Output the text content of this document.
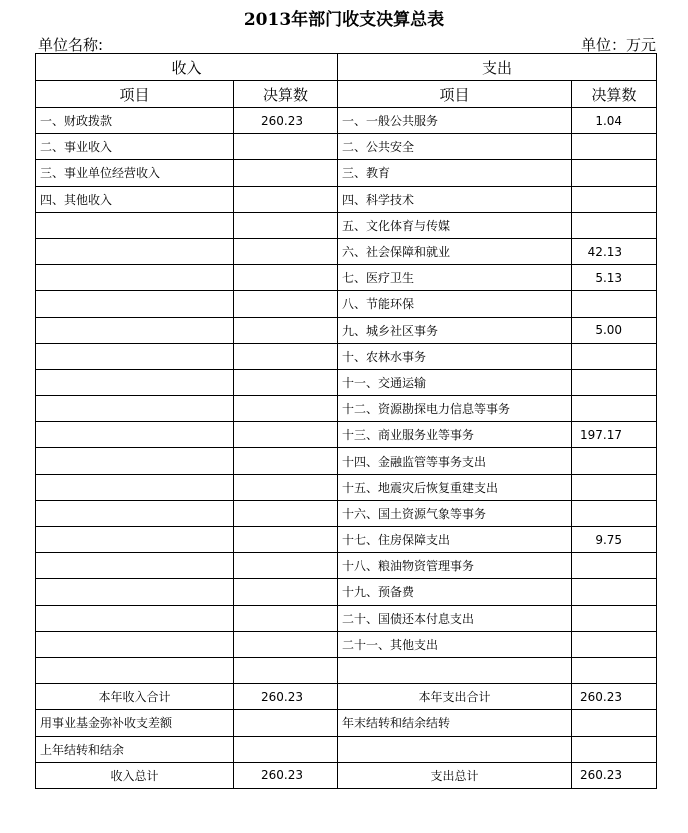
2013年部门收支决算总表
单位名称:	单位：万元
收入		支出	
项目	决算数	项目	决算数
一、财政拨款	260.23	一、一般公共服务	1.04
二、事业收入		二、公共安全	
三、事业单位经营收入		三、教育	
四、其他收入		四、科学技术	
		五、文化体育与传媒	
		六、社会保障和就业	42.13
		七、医疗卫生	5.13
		八、节能环保	
		九、城乡社区事务	5.00
		十、农林水事务	
		十一、交通运输	
		十二、资源勘探电力信息等事务	
		十三、商业服务业等事务	197.17
		十四、金融监管等事务支出	
		十五、地震灾后恢复重建支出	
		十六、国土资源气象等事务	
		十七、住房保障支出	9.75
		十八、粮油物资管理事务	
		十九、预备费	
		二十、国债还本付息支出	
		二十一、其他支出	

本年收入合计	260.23	本年支出合计	260.23
用事业基金弥补收支差额		年末结转和结余结转	
上年结转和结余			
收入总计	260.23	支出总计	260.23
